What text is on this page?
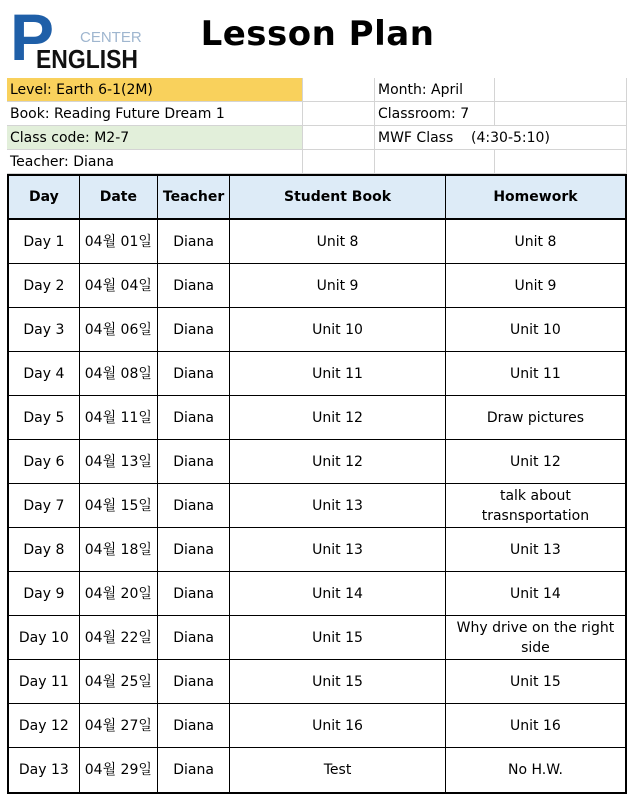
P CENTER
ENGLISH
Lesson Plan
Level: Earth 6-1(2M)	Month: April
Book: Reading Future Dream 1	Classroom: 7
Class code: M2-7	MWF Class    (4:30-5:10)
Teacher: Diana
Day	Date	Teacher	Student Book	Homework
Day 1	04월 01일	Diana	Unit 8	Unit 8
Day 2	04월 04일	Diana	Unit 9	Unit 9
Day 3	04월 06일	Diana	Unit 10	Unit 10
Day 4	04월 08일	Diana	Unit 11	Unit 11
Day 5	04월 11일	Diana	Unit 12	Draw pictures
Day 6	04월 13일	Diana	Unit 12	Unit 12
Day 7	04월 15일	Diana	Unit 13	talk about trasnsportation
Day 8	04월 18일	Diana	Unit 13	Unit 13
Day 9	04월 20일	Diana	Unit 14	Unit 14
Day 10	04월 22일	Diana	Unit 15	Why drive on the right side
Day 11	04월 25일	Diana	Unit 15	Unit 15
Day 12	04월 27일	Diana	Unit 16	Unit 16
Day 13	04월 29일	Diana	Test	No H.W.
